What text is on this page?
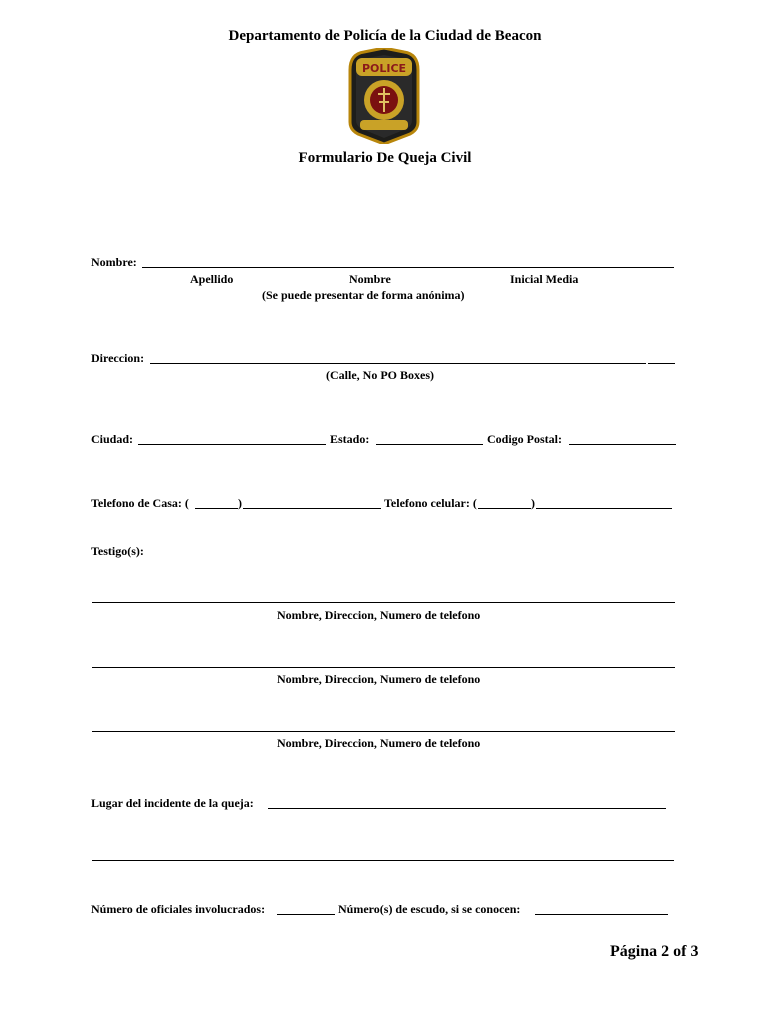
Departamento de Policía de la Ciudad de Beacon
POLICE
Formulario De Queja Civil
Nombre:
Apellido	Nombre	Inicial Media
(Se puede presentar de forma anónima)
Direccion:
(Calle, No PO Boxes)
Ciudad:	Estado:	Codigo Postal:
Telefono de Casa: (	)	Telefono celular: (	)
Testigo(s):
Nombre, Direccion, Numero de telefono
Nombre, Direccion, Numero de telefono
Nombre, Direccion, Numero de telefono
Lugar del incidente de la queja:
Número de oficiales involucrados:	Número(s) de escudo, si se conocen:
Página 2 of 3
